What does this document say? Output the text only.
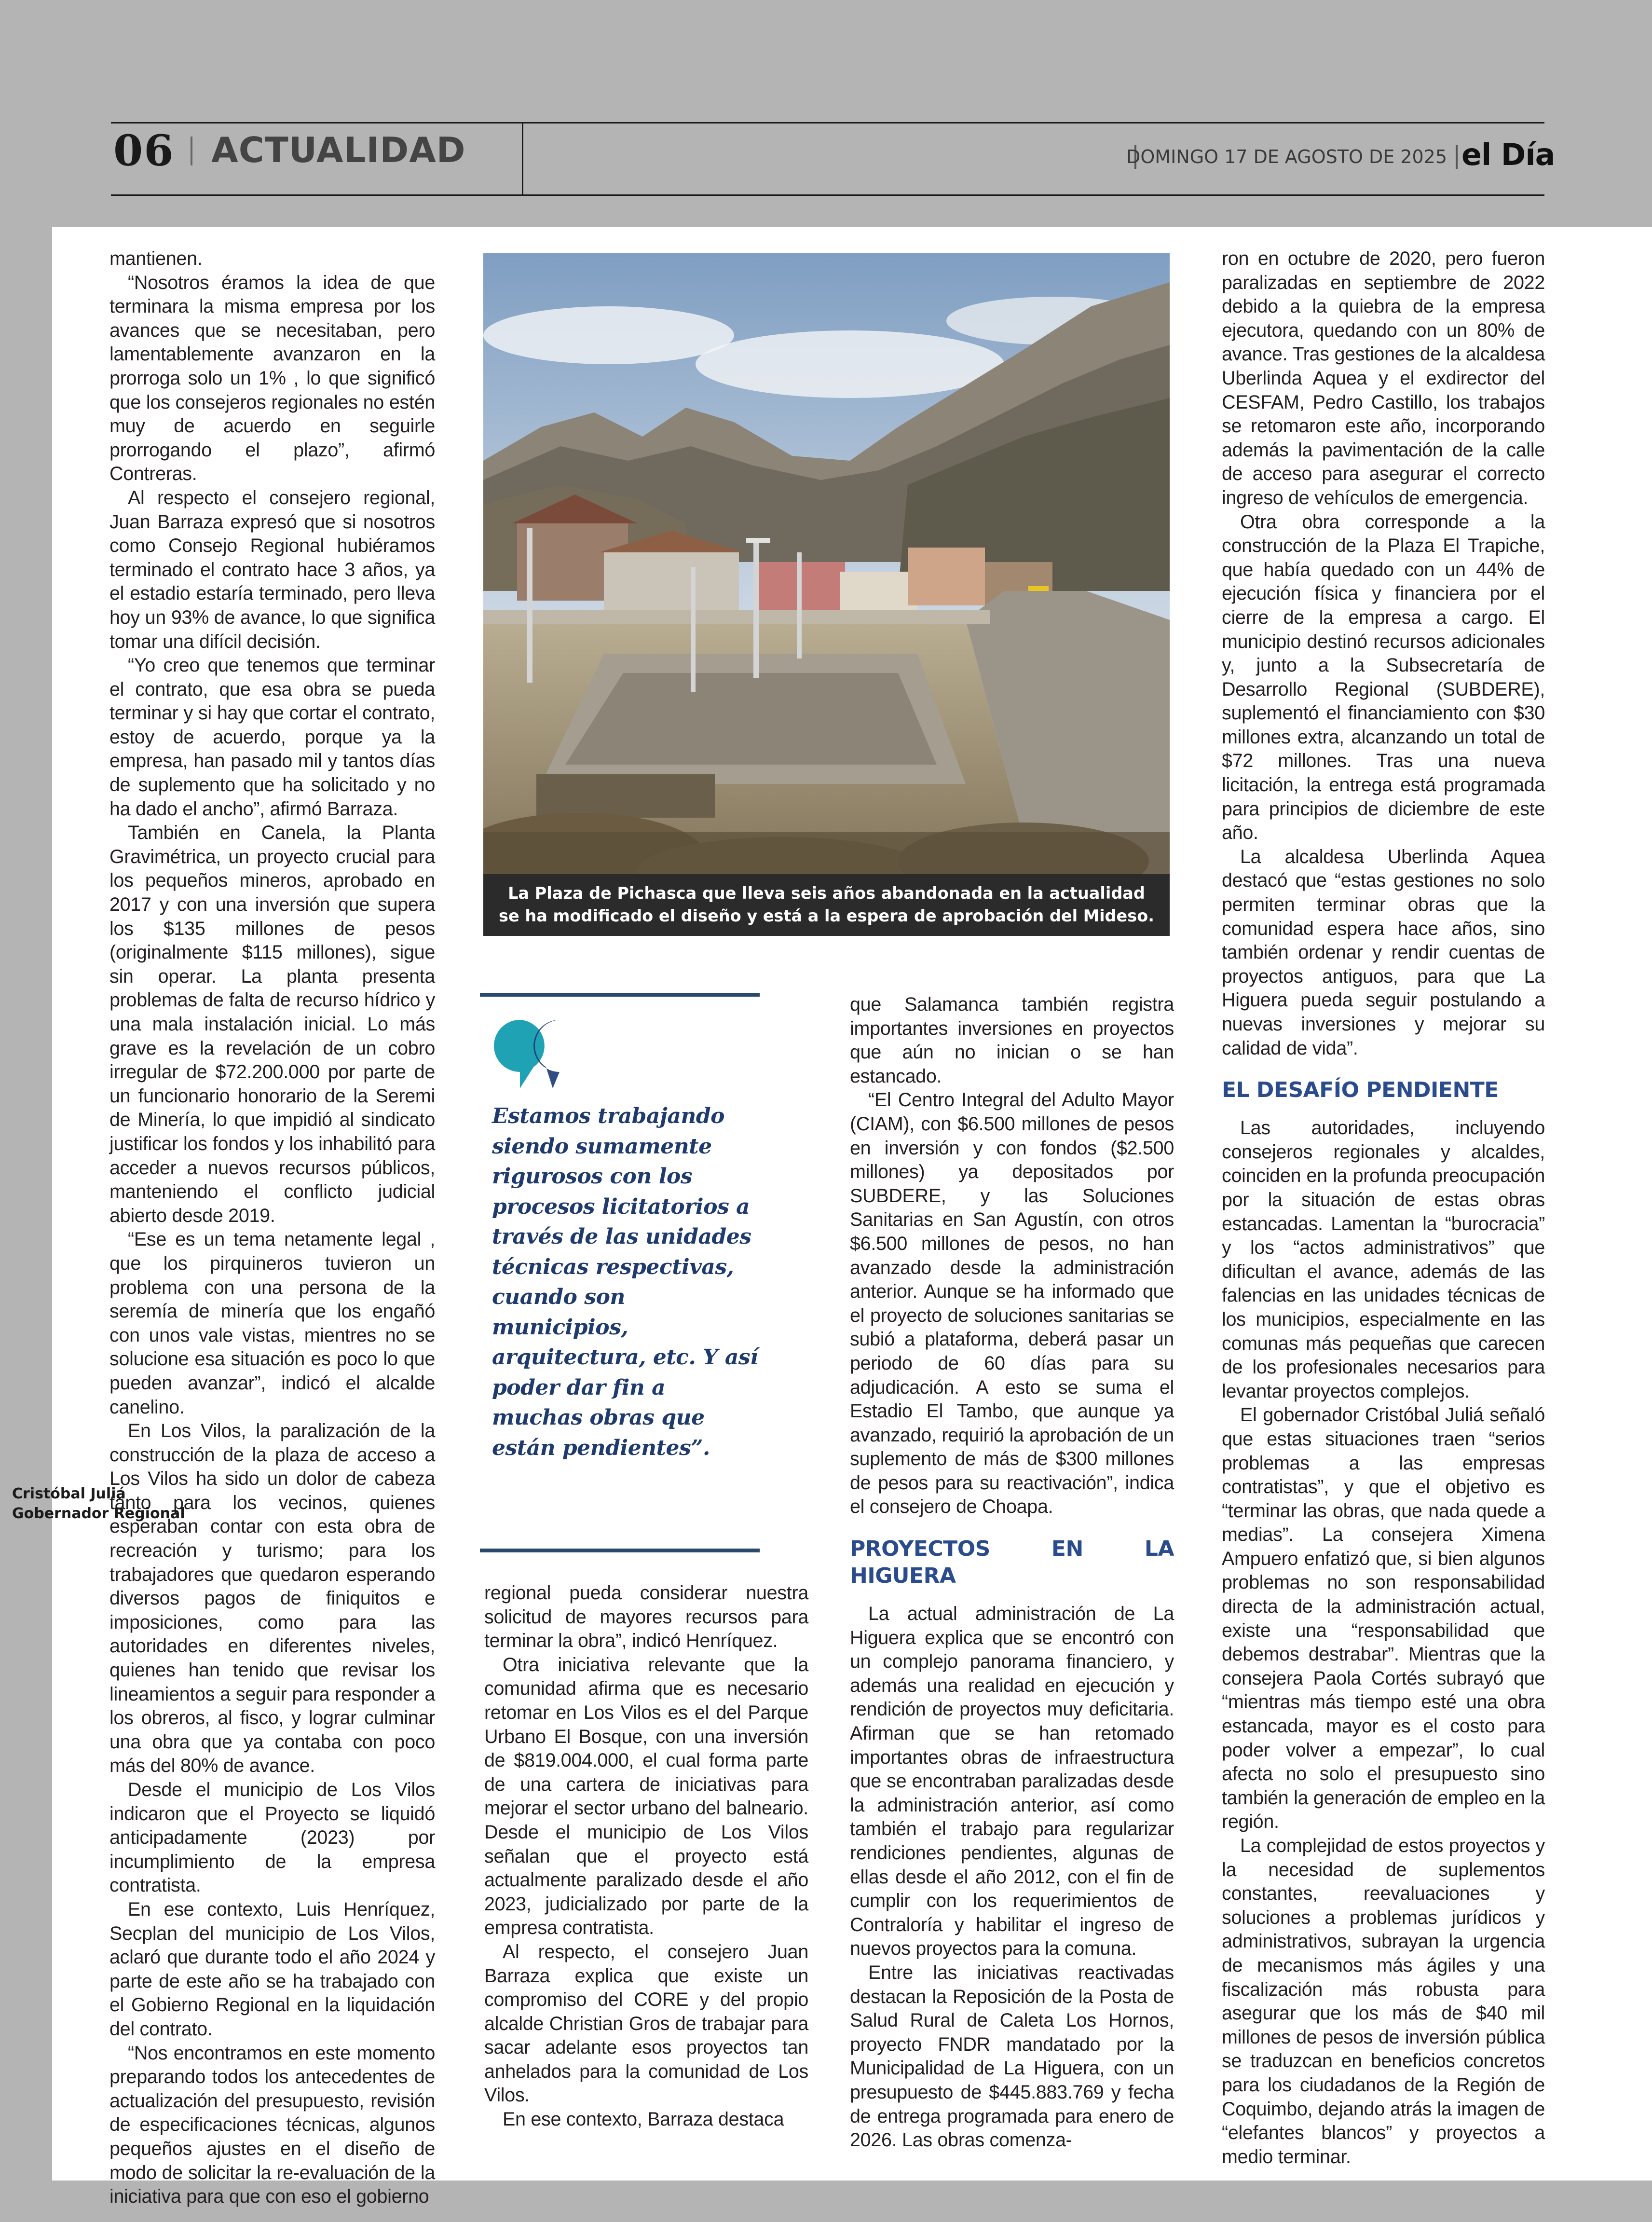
06 ACTUALIDAD	DOMINGO 17 DE AGOSTO DE 2025 el Día

mantienen.

“Nosotros éramos la idea de que terminara la misma empresa por los avances que se necesitaban, pero lamentablemente avanzaron en la prorroga solo un 1% , lo que significó que los consejeros regionales no estén muy de acuerdo en seguirle prorrogando el plazo”, afirmó Contreras.

Al respecto el consejero regional, Juan Barraza expresó que si nosotros como Consejo Regional hubiéramos terminado el contrato hace 3 años, ya el estadio estaría terminado, pero lleva hoy un 93% de avance, lo que significa tomar una difícil decisión.

“Yo creo que tenemos que terminar el contrato, que esa obra se pueda terminar y si hay que cortar el contrato, estoy de acuerdo, porque ya la empresa, han pasado mil y tantos días de suplemento que ha solicitado y no ha dado el ancho”, afirmó Barraza.

También en Canela, la Planta Gravimétrica, un proyecto crucial para los pequeños mineros, aprobado en 2017 y con una inversión que supera los $135 millones de pesos (originalmente $115 millones), sigue sin operar. La planta presenta problemas de falta de recurso hídrico y una mala instalación inicial. Lo más grave es la revelación de un cobro irregular de $72.200.000 por parte de un funcionario honorario de la Seremi de Minería, lo que impidió al sindicato justificar los fondos y los inhabilitó para acceder a nuevos recursos públicos, manteniendo el conflicto judicial abierto desde 2019.

“Ese es un tema netamente legal , que los pirquineros tuvieron un problema con una persona de la seremía de minería que los engañó con unos vale vistas, mientres no se solucione esa situación es poco lo que pueden avanzar”, indicó el alcalde canelino.

En Los Vilos, la paralización de la construcción de la plaza de acceso a Los Vilos ha sido un dolor de cabeza tanto para los vecinos, quienes esperaban contar con esta obra de recreación y turismo; para los trabajadores que quedaron esperando diversos pagos de finiquitos e imposiciones, como para las autoridades en diferentes niveles, quienes han tenido que revisar los lineamientos a seguir para responder a los obreros, al fisco, y lograr culminar una obra que ya contaba con poco más del 80% de avance.

Desde el municipio de Los Vilos indicaron que el Proyecto se liquidó anticipadamente (2023) por incumplimiento de la empresa contratista.

En ese contexto, Luis Henríquez, Secplan del municipio de Los Vilos, aclaró que durante todo el año 2024 y parte de este año se ha trabajado con el Gobierno Regional en la liquidación del contrato.

“Nos encontramos en este momento preparando todos los antecedentes de actualización del presupuesto, revisión de especificaciones técnicas, algunos pequeños ajustes en el diseño de modo de solicitar la re-evaluación de la iniciativa para que con eso el gobierno

La Plaza de Pichasca que lleva seis años abandonada en la actualidad se ha modificado el diseño y está a la espera de aprobación del Mideso.
Estamos trabajando siendo sumamente rigurosos con los procesos licitatorios a través de las unidades técnicas respectivas, cuando son municipios, arquitectura, etc. Y así poder dar fin a muchas obras que están pendientes”.
Cristóbal Juliá
Gobernador Regional

regional pueda considerar nuestra solicitud de mayores recursos para terminar la obra”, indicó Henríquez.

Otra iniciativa relevante que la comunidad afirma que es necesario retomar en Los Vilos es el del Parque Urbano El Bosque, con una inversión de $819.004.000, el cual forma parte de una cartera de iniciativas para mejorar el sector urbano del balneario. Desde el municipio de Los Vilos señalan que el proyecto está actualmente paralizado desde el año 2023, judicializado por parte de la empresa contratista.

Al respecto, el consejero Juan Barraza explica que existe un compromiso del CORE y del propio alcalde Christian Gros de trabajar para sacar adelante esos proyectos tan anhelados para la comunidad de Los Vilos.

En ese contexto, Barraza destaca

que Salamanca también registra importantes inversiones en proyectos que aún no inician o se han estancado.

“El Centro Integral del Adulto Mayor (CIAM), con $6.500 millones de pesos en inversión y con fondos ($2.500 millones) ya depositados por SUBDERE, y las Soluciones Sanitarias en San Agustín, con otros $6.500 millones de pesos, no han avanzado desde la administración anterior. Aunque se ha informado que el proyecto de soluciones sanitarias se subió a plataforma, deberá pasar un periodo de 60 días para su adjudicación. A esto se suma el Estadio El Tambo, que aunque ya avanzado, requirió la aprobación de un suplemento de más de $300 millones de pesos para su reactivación”, indica el consejero de Choapa.

PROYECTOS EN LA HIGUERA

La actual administración de La Higuera explica que se encontró con un complejo panorama financiero, y además una realidad en ejecución y rendición de proyectos muy deficitaria. Afirman que se han retomado importantes obras de infraestructura que se encontraban paralizadas desde la administración anterior, así como también el trabajo para regularizar rendiciones pendientes, algunas de ellas desde el año 2012, con el fin de cumplir con los requerimientos de Contraloría y habilitar el ingreso de nuevos proyectos para la comuna.

Entre las iniciativas reactivadas destacan la Reposición de la Posta de Salud Rural de Caleta Los Hornos, proyecto FNDR mandatado por la Municipalidad de La Higuera, con un presupuesto de $445.883.769 y fecha de entrega programada para enero de 2026. Las obras comenza-

ron en octubre de 2020, pero fueron paralizadas en septiembre de 2022 debido a la quiebra de la empresa ejecutora, quedando con un 80% de avance. Tras gestiones de la alcaldesa Uberlinda Aquea y el exdirector del CESFAM, Pedro Castillo, los trabajos se retomaron este año, incorporando además la pavimentación de la calle de acceso para asegurar el correcto ingreso de vehículos de emergencia.

Otra obra corresponde a la construcción de la Plaza El Trapiche, que había quedado con un 44% de ejecución física y financiera por el cierre de la empresa a cargo. El municipio destinó recursos adicionales y, junto a la Subsecretaría de Desarrollo Regional (SUBDERE), suplementó el financiamiento con $30 millones extra, alcanzando un total de $72 millones. Tras una nueva licitación, la entrega está programada para principios de diciembre de este año.

La alcaldesa Uberlinda Aquea destacó que “estas gestiones no solo permiten terminar obras que la comunidad espera hace años, sino también ordenar y rendir cuentas de proyectos antiguos, para que La Higuera pueda seguir postulando a nuevas inversiones y mejorar su calidad de vida”.

EL DESAFÍO PENDIENTE

Las autoridades, incluyendo consejeros regionales y alcaldes, coinciden en la profunda preocupación por la situación de estas obras estancadas. Lamentan la “burocracia” y los “actos administrativos” que dificultan el avance, además de las falencias en las unidades técnicas de los municipios, especialmente en las comunas más pequeñas que carecen de los profesionales necesarios para levantar proyectos complejos.

El gobernador Cristóbal Juliá señaló que estas situaciones traen “serios problemas a las empresas contratistas”, y que el objetivo es “terminar las obras, que nada quede a medias”. La consejera Ximena Ampuero enfatizó que, si bien algunos problemas no son responsabilidad directa de la administración actual, existe una “responsabilidad que debemos destrabar”. Mientras que la consejera Paola Cortés subrayó que “mientras más tiempo esté una obra estancada, mayor es el costo para poder volver a empezar”, lo cual afecta no solo el presupuesto sino también la generación de empleo en la región.

La complejidad de estos proyectos y la necesidad de suplementos constantes, reevaluaciones y soluciones a problemas jurídicos y administrativos, subrayan la urgencia de mecanismos más ágiles y una fiscalización más robusta para asegurar que los más de $40 mil millones de pesos de inversión pública se traduzcan en beneficios concretos para los ciudadanos de la Región de Coquimbo, dejando atrás la imagen de “elefantes blancos” y proyectos a medio terminar.
